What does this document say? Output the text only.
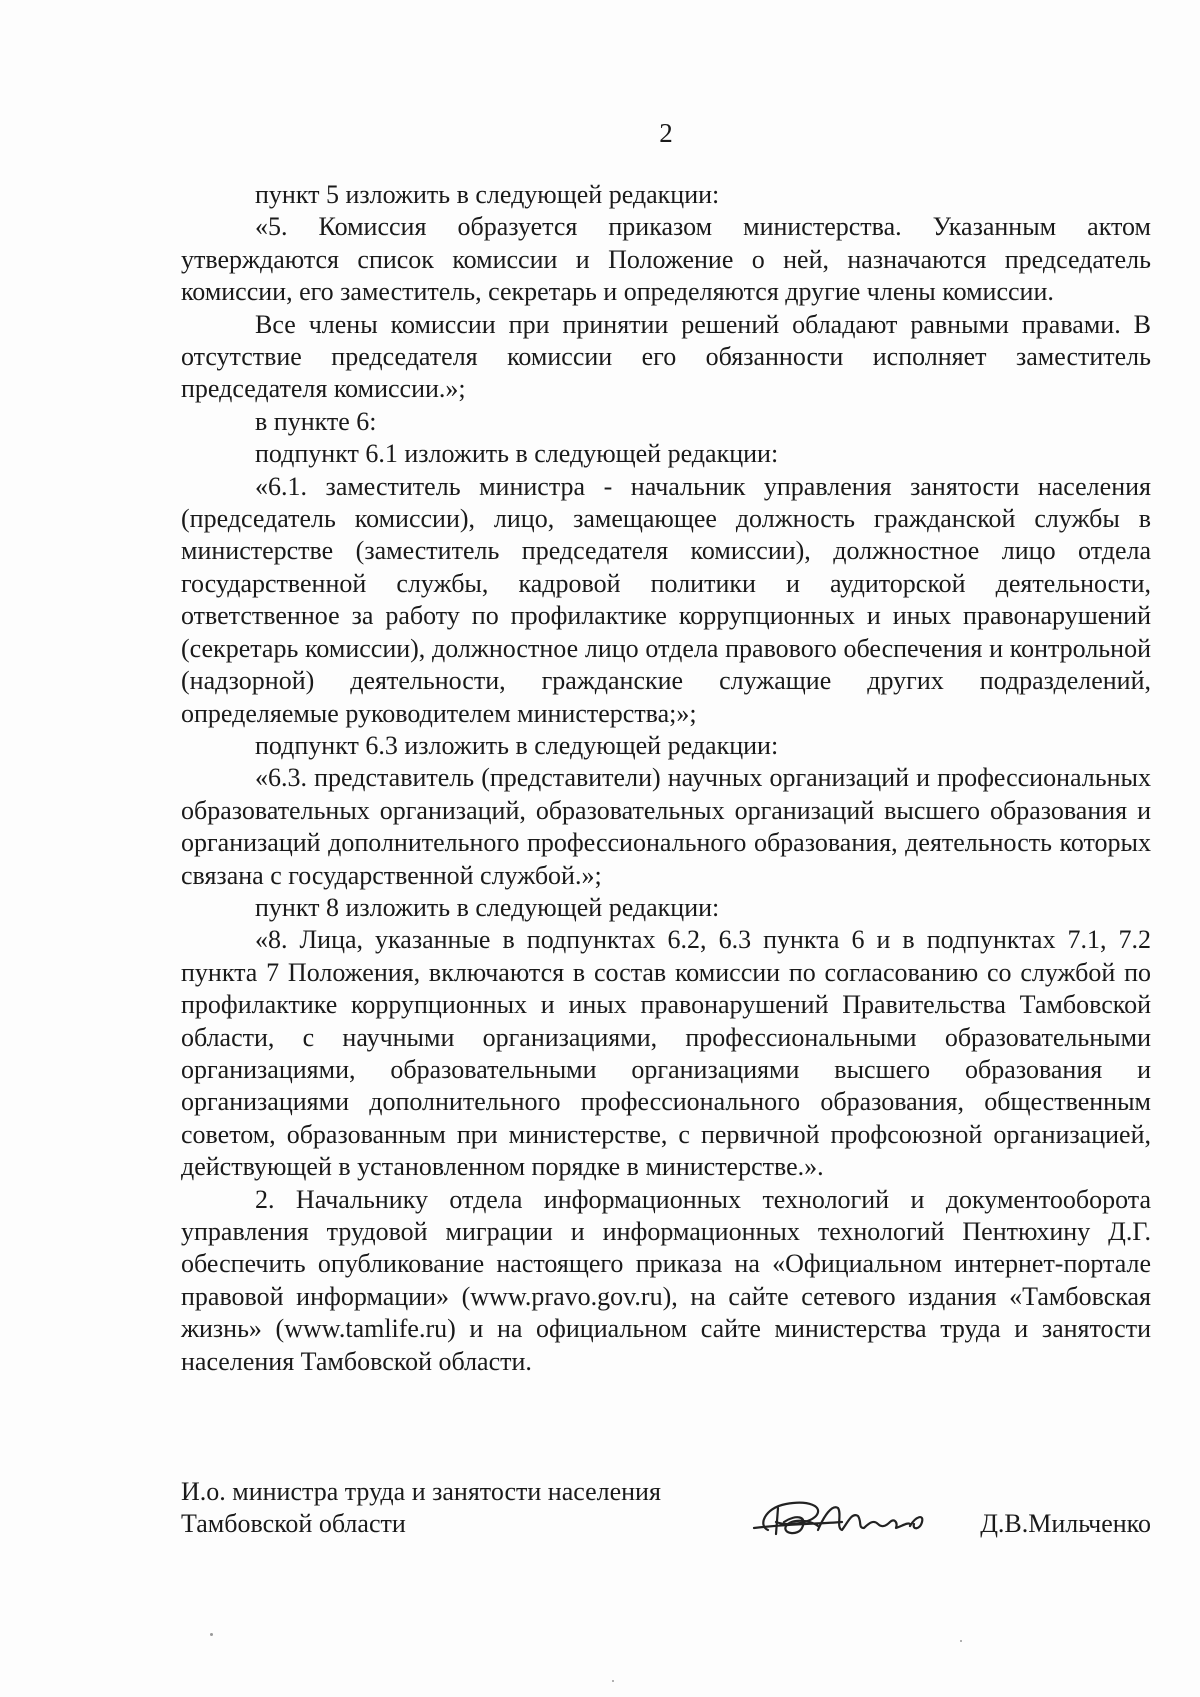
2

пункт 5 изложить в следующей редакции:

«5. Комиссия образуется приказом министерства. Указанным актом утверждаются список комиссии и Положение о ней, назначаются председатель комиссии, его заместитель, секретарь и определяются другие члены комиссии.

Все члены комиссии при принятии решений обладают равными правами. В отсутствие председателя комиссии его обязанности исполняет заместитель председателя комиссии.»;

в пункте 6:

подпункт 6.1 изложить в следующей редакции:

«6.1. заместитель министра - начальник управления занятости населения (председатель комиссии), лицо, замещающее должность гражданской службы в министерстве (заместитель председателя комиссии), должностное лицо отдела государственной службы, кадровой политики и аудиторской деятельности, ответственное за работу по профилактике коррупционных и иных правонарушений (секретарь комиссии), должностное лицо отдела правового обеспечения и контрольной (надзорной) деятельности, гражданские служащие других подразделений, определяемые руководителем министерства;»;

подпункт 6.3 изложить в следующей редакции:

«6.3. представитель (представители) научных организаций и профессиональных образовательных организаций, образовательных организаций высшего образования и организаций дополнительного профессионального образования, деятельность которых связана с государственной службой.»;

пункт 8 изложить в следующей редакции:

«8. Лица, указанные в подпунктах 6.2, 6.3 пункта 6 и в подпунктах 7.1, 7.2 пункта 7 Положения, включаются в состав комиссии по согласованию со службой по профилактике коррупционных и иных правонарушений Правительства Тамбовской области, с научными организациями, профессиональными образовательными организациями, образовательными организациями высшего образования и организациями дополнительного профессионального образования, общественным советом, образованным при министерстве, с первичной профсоюзной организацией, действующей в установленном порядке в министерстве.».

2. Начальнику отдела информационных технологий и документооборота управления трудовой миграции и информационных технологий Пентюхину Д.Г. обеспечить опубликование настоящего приказа на «Официальном интернет-портале правовой информации» (www.pravo.gov.ru), на сайте сетевого издания «Тамбовская жизнь» (www.tamlife.ru) и на официальном сайте министерства труда и занятости населения Тамбовской области.

И.о. министра труда и занятости населения
Тамбовской области	Д.В.Мильченко
